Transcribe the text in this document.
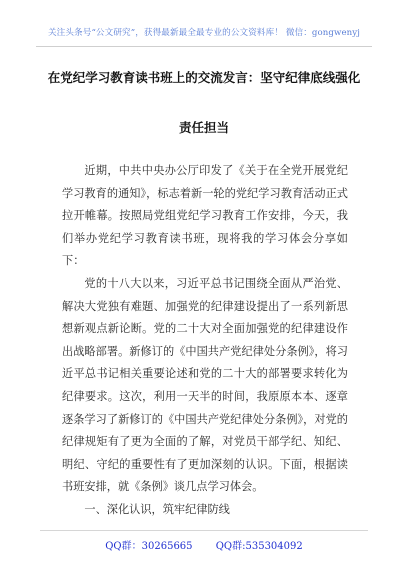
关注头条号“公文研究”，获得最新最全最专业的公文资料库！ 微信：gongwenyj
在党纪学习教育读书班上的交流发言：坚守纪律底线强化
责任担当

近期，中共中央办公厅印发了《关于在全党开展党纪学习教育的通知》，标志着新一轮的党纪学习教育活动正式拉开帷幕。按照局党组党纪学习教育工作安排，今天，我们举办党纪学习教育读书班，现将我的学习体会分享如下：

党的十八大以来，习近平总书记围绕全面从严治党、解决大党独有难题、加强党的纪律建设提出了一系列新思想新观点新论断。党的二十大对全面加强党的纪律建设作出战略部署。新修订的《中国共产党纪律处分条例》，将习近平总书记相关重要论述和党的二十大的部署要求转化为纪律要求。这次，利用一天半的时间，我原原本本、逐章逐条学习了新修订的《中国共产党纪律处分条例》，对党的纪律规矩有了更为全面的了解，对党员干部学纪、知纪、明纪、守纪的重要性有了更加深刻的认识。下面，根据读书班安排，就《条例》谈几点学习体会。

一、深化认识，筑牢纪律防线

QQ群：30265665 QQ群:535304092
